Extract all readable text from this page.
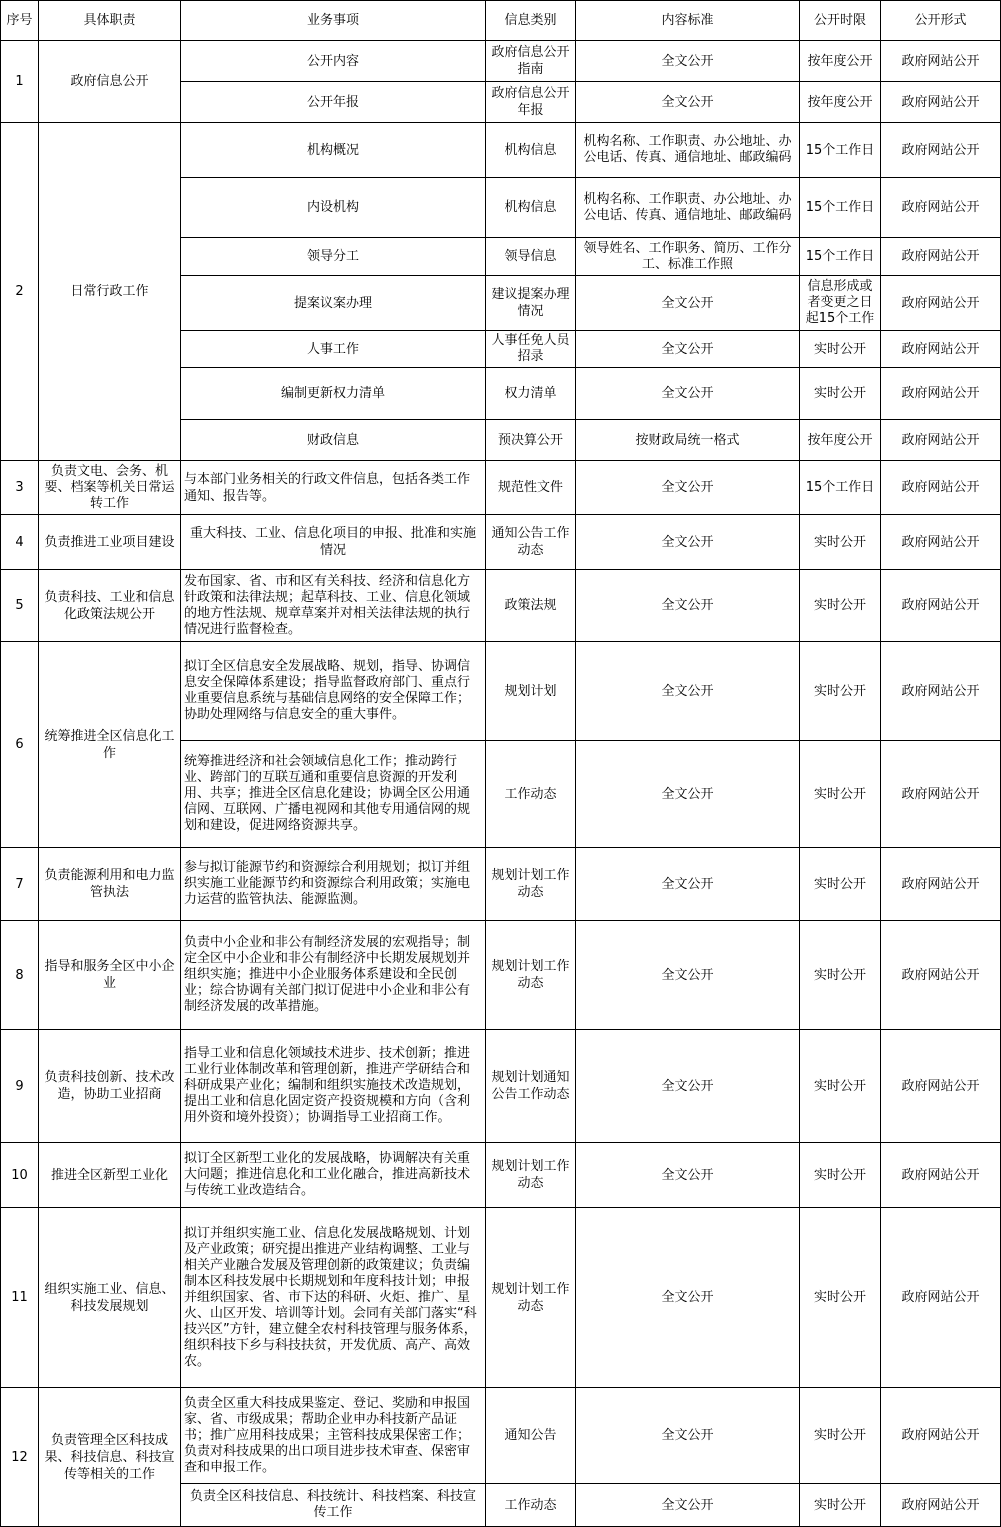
序号	具体职责	业务事项	信息类别	内容标准	公开时限	公开形式
1	政府信息公开	公开内容	政府信息公开指南	全文公开	按年度公开	政府网站公开
		公开年报	政府信息公开年报	全文公开	按年度公开	政府网站公开
2	日常行政工作	机构概况	机构信息	机构名称、工作职责、办公地址、办公电话、传真、通信地址、邮政编码	15个工作日	政府网站公开
		内设机构	机构信息	机构名称、工作职责、办公地址、办公电话、传真、通信地址、邮政编码	15个工作日	政府网站公开
		领导分工	领导信息	领导姓名、工作职务、简历、工作分工、标准工作照	15个工作日	政府网站公开
		提案议案办理	建议提案办理情况	全文公开	信息形成或者变更之日起15个工作	政府网站公开
		人事工作	人事任免人员招录	全文公开	实时公开	政府网站公开
		编制更新权力清单	权力清单	全文公开	实时公开	政府网站公开
		财政信息	预决算公开	按财政局统一格式	按年度公开	政府网站公开
3	负责文电、会务、机要、档案等机关日常运转工作	与本部门业务相关的行政文件信息，包括各类工作通知、报告等。	规范性文件	全文公开	15个工作日	政府网站公开
4	负责推进工业项目建设	重大科技、工业、信息化项目的申报、批准和实施情况	通知公告工作动态	全文公开	实时公开	政府网站公开
5	负责科技、工业和信息化政策法规公开	发布国家、省、市和区有关科技、经济和信息化方针政策和法律法规；起草科技、工业、信息化领域的地方性法规、规章草案并对相关法律法规的执行情况进行监督检查。	政策法规	全文公开	实时公开	政府网站公开
6	统筹推进全区信息化工作	拟订全区信息安全发展战略、规划，指导、协调信息安全保障体系建设；指导监督政府部门、重点行业重要信息系统与基础信息网络的安全保障工作；协助处理网络与信息安全的重大事件。	规划计划	全文公开	实时公开	政府网站公开
		统筹推进经济和社会领域信息化工作；推动跨行业、跨部门的互联互通和重要信息资源的开发利用、共享；推进全区信息化建设；协调全区公用通信网、互联网、广播电视网和其他专用通信网的规划和建设，促进网络资源共享。	工作动态	全文公开	实时公开	政府网站公开
7	负责能源利用和电力监管执法	参与拟订能源节约和资源综合利用规划；拟订并组织实施工业能源节约和资源综合利用政策；实施电力运营的监管执法、能源监测。	规划计划工作动态	全文公开	实时公开	政府网站公开
8	指导和服务全区中小企业	负责中小企业和非公有制经济发展的宏观指导；制定全区中小企业和非公有制经济中长期发展规划并组织实施；推进中小企业服务体系建设和全民创业；综合协调有关部门拟订促进中小企业和非公有制经济发展的改革措施。	规划计划工作动态	全文公开	实时公开	政府网站公开
9	负责科技创新、技术改造，协助工业招商	指导工业和信息化领域技术进步、技术创新；推进工业行业体制改革和管理创新，推进产学研结合和科研成果产业化；编制和组织实施技术改造规划，提出工业和信息化固定资产投资规模和方向（含利用外资和境外投资）；协调指导工业招商工作。	规划计划通知公告工作动态	全文公开	实时公开	政府网站公开
10	推进全区新型工业化	拟订全区新型工业化的发展战略，协调解决有关重大问题；推进信息化和工业化融合，推进高新技术与传统工业改造结合。	规划计划工作动态	全文公开	实时公开	政府网站公开
11	组织实施工业、信息、科技发展规划	拟订并组织实施工业、信息化发展战略规划、计划及产业政策；研究提出推进产业结构调整、工业与相关产业融合发展及管理创新的政策建议；负责编制本区科技发展中长期规划和年度科技计划；申报并组织国家、省、市下达的科研、火炬、推广、星火、山区开发、培训等计划。会同有关部门落实“科技兴区”方针，建立健全农村科技管理与服务体系，组织科技下乡与科技扶贫，开发优质、高产、高效农。	规划计划工作动态	全文公开	实时公开	政府网站公开
12	负责管理全区科技成果、科技信息、科技宣传等相关的工作	负责全区重大科技成果鉴定、登记、奖励和申报国家、省、市级成果；帮助企业申办科技新产品证书；推广应用科技成果；主管科技成果保密工作；负责对科技成果的出口项目进步技术审查、保密审查和申报工作。	通知公告	全文公开	实时公开	政府网站公开
		负责全区科技信息、科技统计、科技档案、科技宣传工作	工作动态	全文公开	实时公开	政府网站公开
